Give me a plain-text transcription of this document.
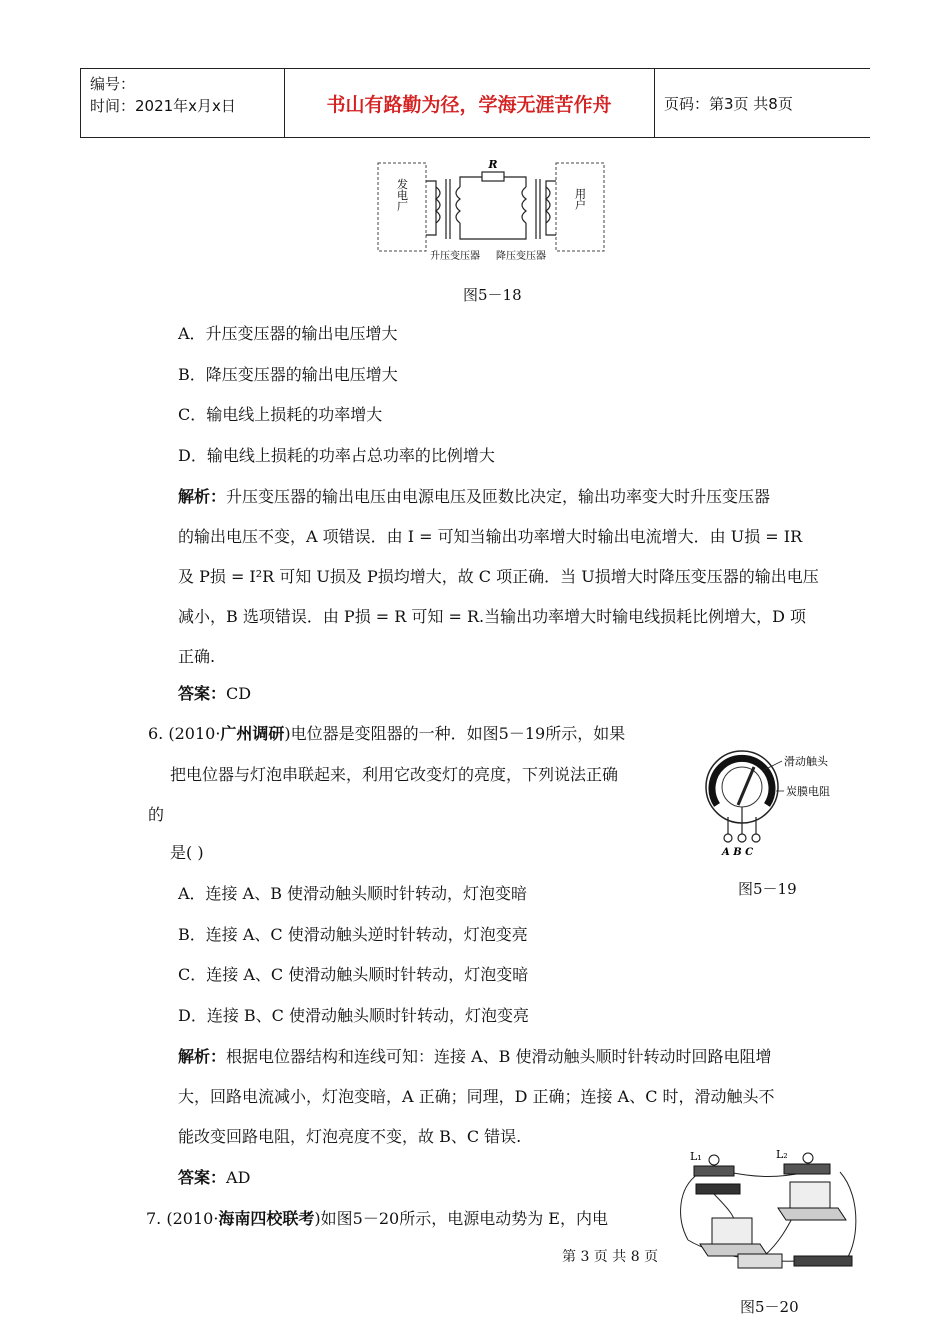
编号：
时间：2021年x月x日	书山有路勤为径，学海无涯苦作舟	页码：第3页 共8页
发电厂	用户
R
升压变压器 降压变压器
图5－18
A．升压变压器的输出电压增大
B．降压变压器的输出电压增大
C．输电线上损耗的功率增大
D．输电线上损耗的功率占总功率的比例增大
解析：升压变压器的输出电压由电源电压及匝数比决定，输出功率变大时升压变压器
的输出电压不变，A 项错误．由 I = 可知当输出功率增大时输出电流增大．由 U损 = IR
及 P损 = I²R 可知 U损及 P损均增大，故 C 项正确．当 U损增大时降压变压器的输出电压
减小，B 选项错误．由 P损 = R 可知 = R.当输出功率增大时输电线损耗比例增大，D 项
正确.
答案：CD
6. (2010·广州调研)电位器是变阻器的一种．如图5－19所示，如果
把电位器与灯泡串联起来，利用它改变灯的亮度，下列说法正确
的
是( )
滑动触头
炭膜电阻
A B C
图5－19
A．连接 A、B 使滑动触头顺时针转动，灯泡变暗
B．连接 A、C 使滑动触头逆时针转动，灯泡变亮
C．连接 A、C 使滑动触头顺时针转动，灯泡变暗
D．连接 B、C 使滑动触头顺时针转动，灯泡变亮
解析：根据电位器结构和连线可知：连接 A、B 使滑动触头顺时针转动时回路电阻增
大，回路电流减小，灯泡变暗，A 正确；同理，D 正确；连接 A、C 时，滑动触头不
能改变回路电阻，灯泡亮度不变，故 B、C 错误.
答案：AD
L₁	L₂
7. (2010·海南四校联考)如图5－20所示，电源电动势为 E，内电
第 3 页 共 8 页
图5－20
